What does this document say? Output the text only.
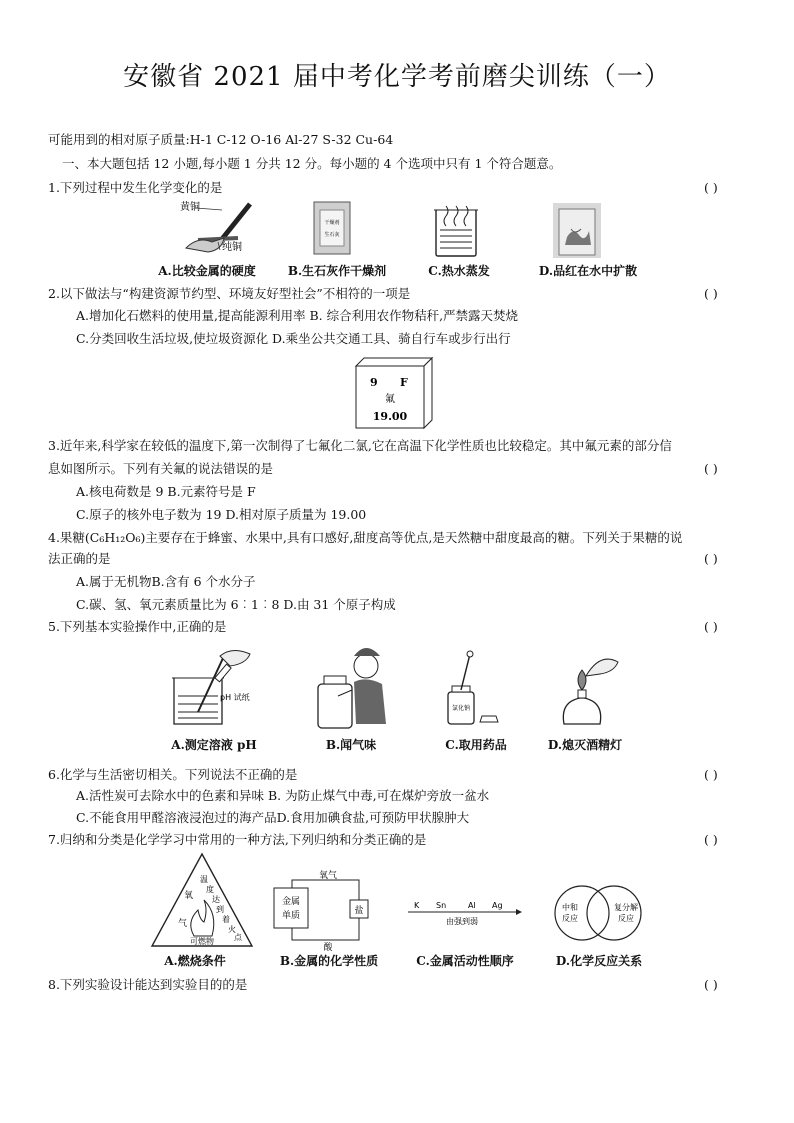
安徽省 2021 届中考化学考前磨尖训练（一）
可能用到的相对原子质量:H-1 C-12 O-16 Al-27 S-32 Cu-64
一、本大题包括 12 小题,每小题 1 分共 12 分。每小题的 4 个选项中只有 1 个符合题意。
1.下列过程中发生化学变化的是	( )
黄铜
纯铜
干燥剂
生石灰
A.比较金属的硬度	B.生石灰作干燥剂	C.热水蒸发	D.品红在水中扩散
2.以下做法与“构建资源节约型、环境友好型社会”不相符的一项是	( )
A.增加化石燃料的使用量,提高能源利用率 B. 综合利用农作物秸秆,严禁露天焚烧
C.分类回收生活垃圾,使垃圾资源化 D.乘坐公共交通工具、骑自行车或步行出行
9 F
氟
19.00
3.近年来,科学家在较低的温度下,第一次制得了七氟化二氯,它在高温下化学性质也比较稳定。其中氟元素的部分信
息如图所示。下列有关氟的说法错误的是	( )
A.核电荷数是 9 B.元素符号是 F
C.原子的核外电子数为 19 D.相对原子质量为 19.00
4.果糖(C₆H₁₂O₆)主要存在于蜂蜜、水果中,具有口感好,甜度高等优点,是天然糖中甜度最高的糖。下列关于果糖的说
法正确的是	( )
A.属于无机物B.含有 6 个水分子
C.碳、氢、氧元素质量比为 6︰1︰8 D.由 31 个原子构成
5.下列基本实验操作中,正确的是	( )
pH 试纸
氯化钠
A.测定溶液 pH	B.闻气味	C.取用药品	D.熄灭酒精灯
6.化学与生活密切相关。下列说法不正确的是	( )
A.活性炭可去除水中的色素和异味 B. 为防止煤气中毒,可在煤炉旁放一盆水
C.不能食用甲醛溶液浸泡过的海产品D.食用加碘食盐,可预防甲状腺肿大
7.归纳和分类是化学学习中常用的一种方法,下列归纳和分类正确的是	( )
氧
气
温
度
达
到
着
火
点
可燃物
金属
单质	盐
氧气
酸
K Sn	Al Ag
由强到弱
中和
反应
复分解
反应
A.燃烧条件	B.金属的化学性质	C.金属活动性顺序	D.化学反应关系
8.下列实验设计能达到实验目的的是	( )
